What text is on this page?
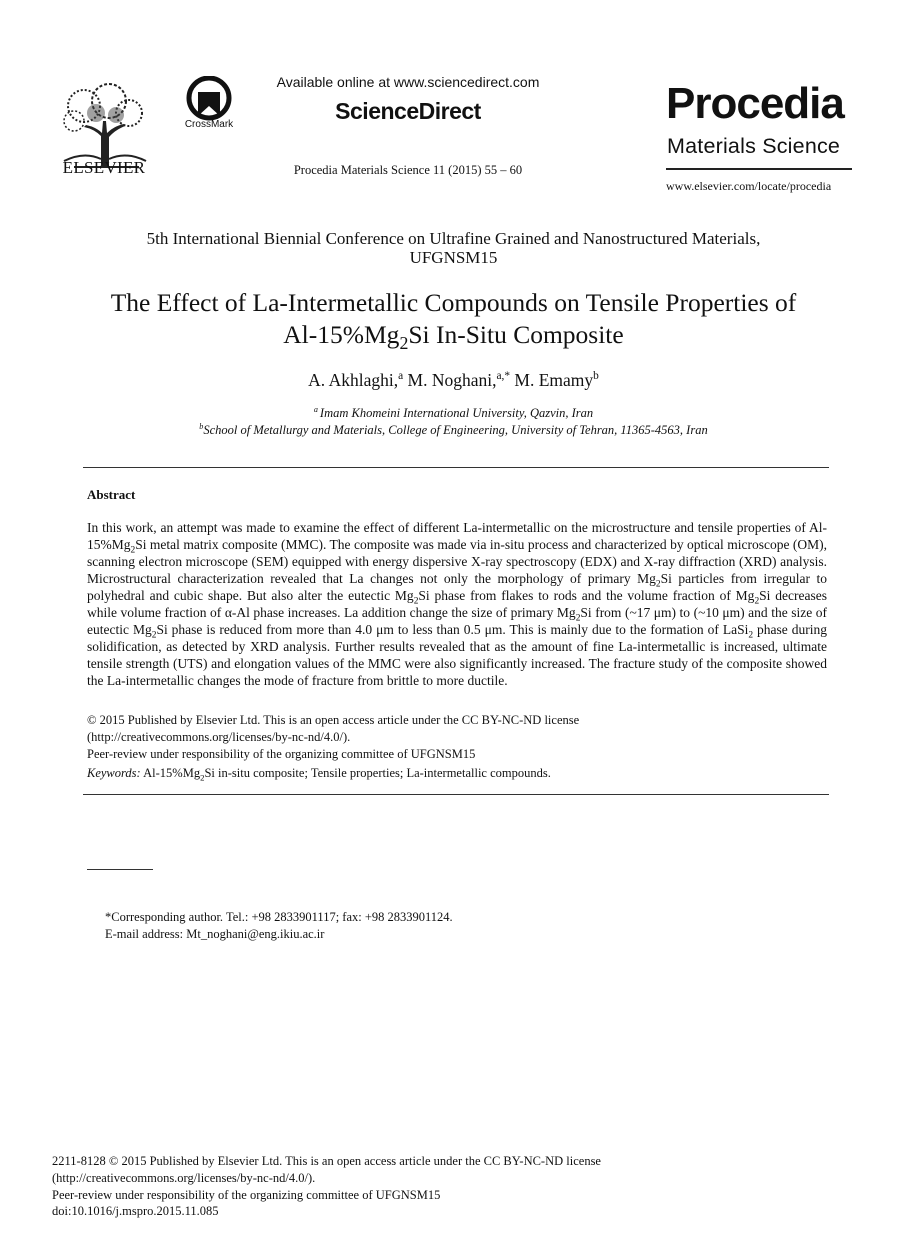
ELSEVIER
CrossMark
Available online at www.sciencedirect.com
ScienceDirect
Procedia Materials Science 11 (2015) 55 – 60
Procedia
Materials Science
www.elsevier.com/locate/procedia
5th International Biennial Conference on Ultrafine Grained and Nanostructured Materials,
UFGNSM15
The Effect of La-Intermetallic Compounds on Tensile Properties of
$Al-15\%Mg_2Si$ In-Situ Composite
A. Akhlaghi,$^a$ M. Noghani,$^{a,*}$ M. Emamy$^b$
$^a$ Imam Khomeini International University, Qazvin, Iran
$^b$School of Metallurgy and Materials, College of Engineering, University of Tehran, 11365-4563, Iran
Abstract
In this work, an attempt was made to examine the effect of different La-intermetallic on the microstructure and tensile properties of $Al-15\%Mg_2Si$ metal matrix composite (MMC). The composite was made via in-situ process and characterized by optical microscope (OM), scanning electron microscope (SEM) equipped with energy dispersive X-ray spectroscopy (EDX) and X-ray diffraction (XRD) analysis. Microstructural characterization revealed that La changes not only the morphology of primary $Mg_2Si$ particles from irregular to polyhedral and cubic shape. But also alter the eutectic $Mg_2Si$ phase from flakes to rods and the volume fraction of $Mg_2Si$ decreases while volume fraction of α-Al phase increases. La addition change the size of primary $Mg_2Si$ from (~17 μm) to (~10 μm) and the size of eutectic $Mg_2Si$ phase is reduced from more than 4.0 μm to less than 0.5 μm. This is mainly due to the formation of LaSi$_2$ phase during solidification, as detected by XRD analysis. Further results revealed that as the amount of fine La-intermetallic is increased, ultimate tensile strength (UTS) and elongation values of the MMC were also significantly increased. The fracture study of the composite showed the La-intermetallic changes the mode of fracture from brittle to more ductile.
© 2015 Published by Elsevier Ltd. This is an open access article under the CC BY-NC-ND license
(http://creativecommons.org/licenses/by-nc-nd/4.0/).
Peer-review under responsibility of the organizing committee of UFGNSM15
Keywords: $Al-15\%Mg_2Si$ in-situ composite; Tensile properties; La-intermetallic compounds.
*Corresponding author. Tel.: +98 2833901117; fax: +98 2833901124.
E-mail address: Mt_noghani@eng.ikiu.ac.ir
2211-8128 © 2015 Published by Elsevier Ltd. This is an open access article under the CC BY-NC-ND license
(http://creativecommons.org/licenses/by-nc-nd/4.0/).
Peer-review under responsibility of the organizing committee of UFGNSM15
doi:10.1016/j.mspro.2015.11.085
